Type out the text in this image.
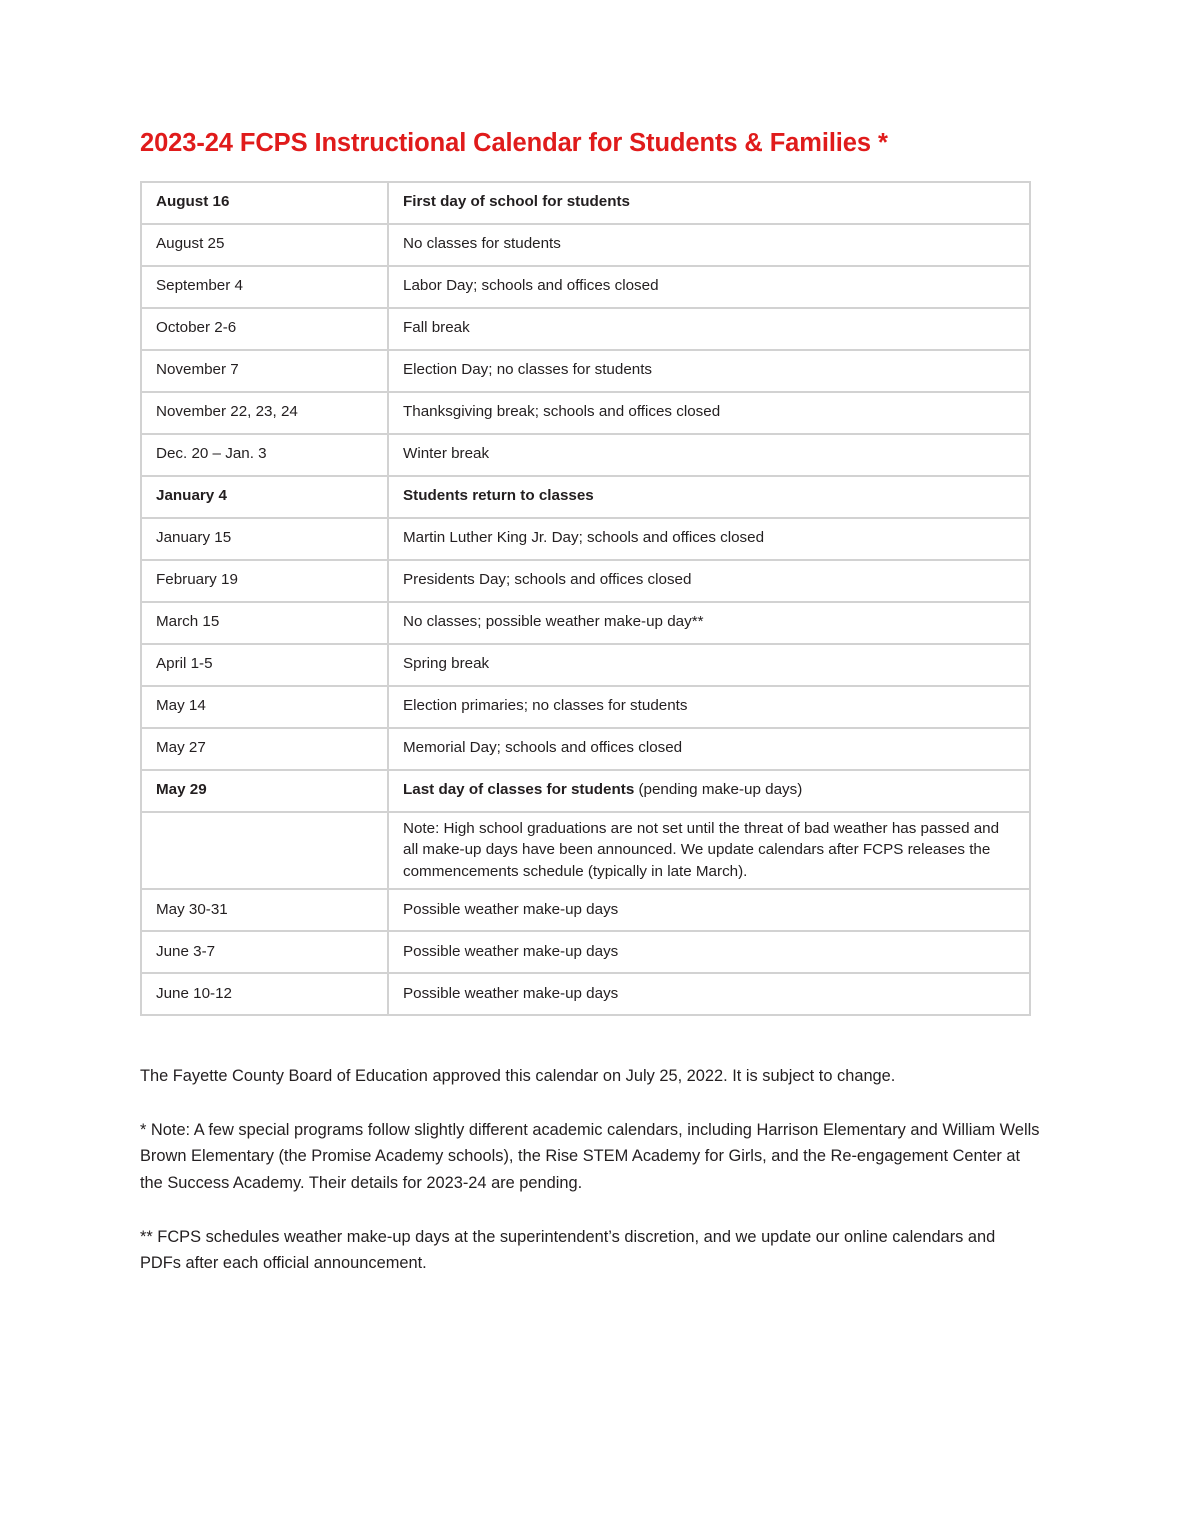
2023-24 FCPS Instructional Calendar for Students & Families *
August 16	First day of school for students
August 25	No classes for students
September 4	Labor Day; schools and offices closed
October 2-6	Fall break
November 7	Election Day; no classes for students
November 22, 23, 24	Thanksgiving break; schools and offices closed
Dec. 20 – Jan. 3	Winter break
January 4	Students return to classes
January 15	Martin Luther King Jr. Day; schools and offices closed
February 19	Presidents Day; schools and offices closed
March 15	No classes; possible weather make-up day**
April 1-5	Spring break
May 14	Election primaries; no classes for students
May 27	Memorial Day; schools and offices closed
May 29	Last day of classes for students (pending make-up days)
	Note: High school graduations are not set until the threat of bad weather has passed and all make-up days have been announced. We update calendars after FCPS releases the commencements schedule (typically in late March).
May 30-31	Possible weather make-up days
June 3-7	Possible weather make-up days
June 10-12	Possible weather make-up days

The Fayette County Board of Education approved this calendar on July 25, 2022. It is subject to change.

* Note: A few special programs follow slightly different academic calendars, including Harrison Elementary and William Wells Brown Elementary (the Promise Academy schools), the Rise STEM Academy for Girls, and the Re-engagement Center at the Success Academy. Their details for 2023-24 are pending.

** FCPS schedules weather make-up days at the superintendent’s discretion, and we update our online calendars and PDFs after each official announcement.
